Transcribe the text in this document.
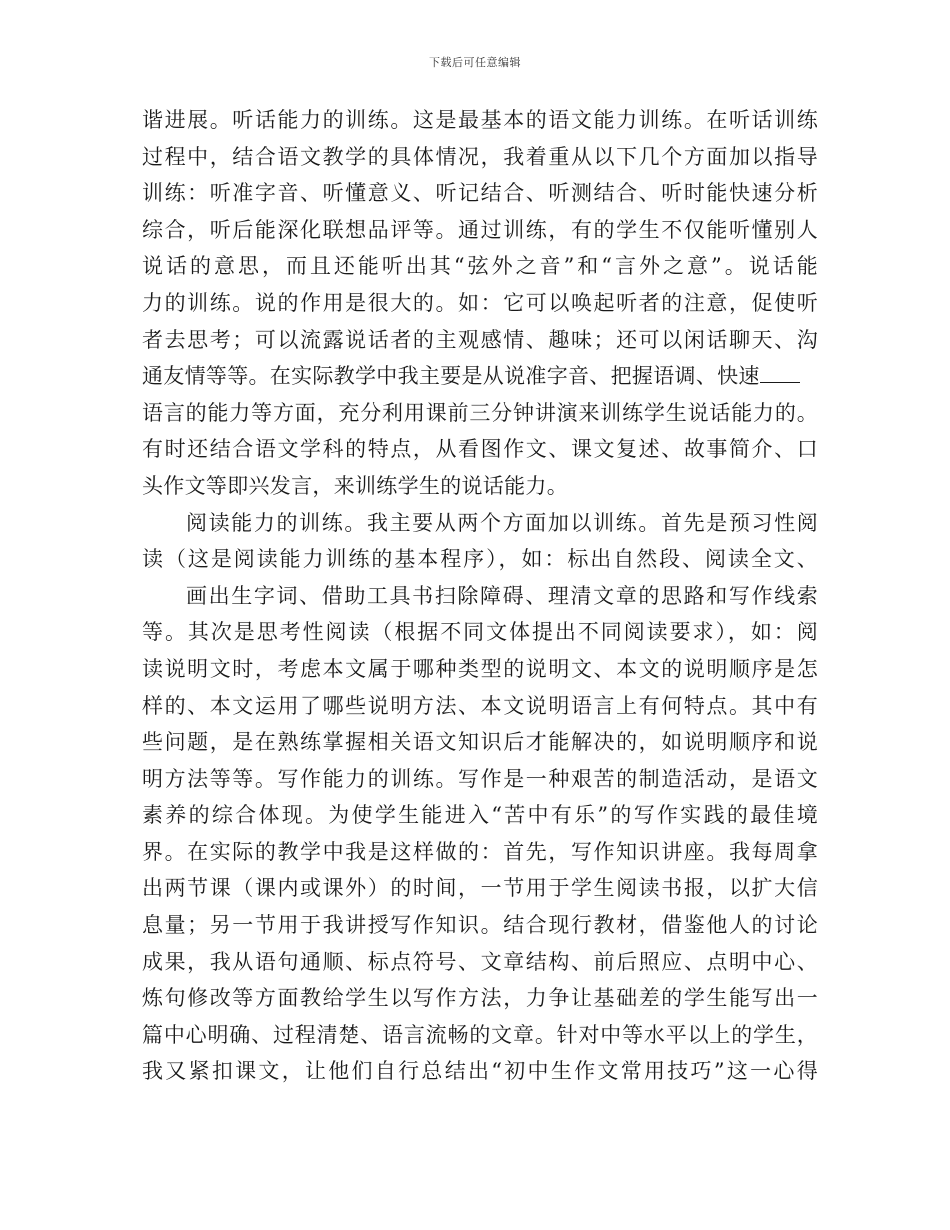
下载后可任意编辑
谐进展。听话能力的训练。这是最基本的语文能力训练。在听话训练
过程中，结合语文教学的具体情况，我着重从以下几个方面加以指导
训练：听准字音、听懂意义、听记结合、听测结合、听时能快速分析
综合，听后能深化联想品评等。通过训练，有的学生不仅能听懂别人
说话的意思，而且还能听出其“弦外之音”和“言外之意”。说话能
力的训练。说的作用是很大的。如：它可以唤起听者的注意，促使听
者去思考；可以流露说话者的主观感情、趣味；还可以闲话聊天、沟
通友情等等。在实际教学中我主要是从说准字音、把握语调、快速
语言的能力等方面，充分利用课前三分钟讲演来训练学生说话能力的。
有时还结合语文学科的特点，从看图作文、课文复述、故事简介、口
头作文等即兴发言，来训练学生的说话能力。
阅读能力的训练。我主要从两个方面加以训练。首先是预习性阅
读（这是阅读能力训练的基本程序），如：标出自然段、阅读全文、
画出生字词、借助工具书扫除障碍、理清文章的思路和写作线索
等。其次是思考性阅读（根据不同文体提出不同阅读要求），如：阅
读说明文时，考虑本文属于哪种类型的说明文、本文的说明顺序是怎
样的、本文运用了哪些说明方法、本文说明语言上有何特点。其中有
些问题，是在熟练掌握相关语文知识后才能解决的，如说明顺序和说
明方法等等。写作能力的训练。写作是一种艰苦的制造活动，是语文
素养的综合体现。为使学生能进入“苦中有乐”的写作实践的最佳境
界。在实际的教学中我是这样做的：首先，写作知识讲座。我每周拿
出两节课（课内或课外）的时间，一节用于学生阅读书报，以扩大信
息量；另一节用于我讲授写作知识。结合现行教材，借鉴他人的讨论
成果，我从语句通顺、标点符号、文章结构、前后照应、点明中心、
炼句修改等方面教给学生以写作方法，力争让基础差的学生能写出一
篇中心明确、过程清楚、语言流畅的文章。针对中等水平以上的学生，
我又紧扣课文，让他们自行总结出“初中生作文常用技巧”这一心得
